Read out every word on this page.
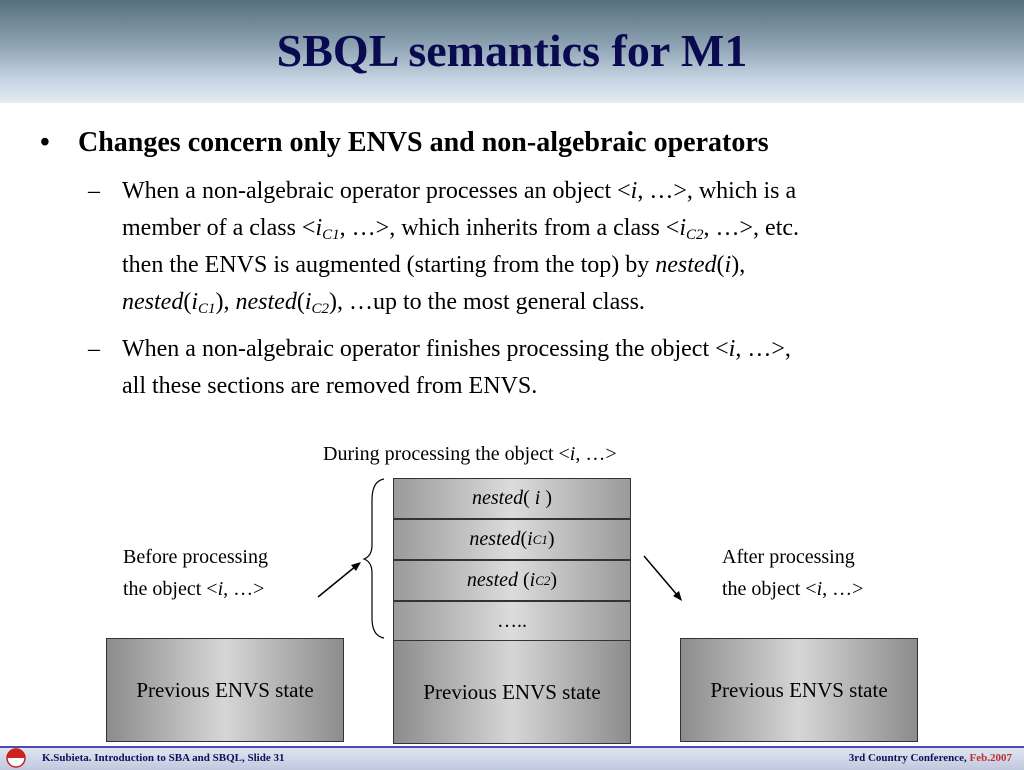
SBQL semantics for M1
• Changes concern only ENVS and non-algebraic operators
– When a non-algebraic operator processes an object <i, …>, which is a
member of a class $<i_{C1}$, …>, which inherits from a class $<i_{C2}$, …>, etc.
then the ENVS is augmented (starting from the top) by nested(i),
$nested(i_{C1})$, $nested(i_{C2})$, …up to the most general class.
– When a non-algebraic operator finishes processing the object <i, …>,
all these sections are removed from ENVS.
During processing the object <i, …>
Before processing
the object <i, …>
After processing
the object <i, …>
nested ( i )
nested ( i C1 )
nested ( i C2 )
…..
Previous ENVS state
Previous ENVS state	Previous ENVS state
K.Subieta. Introduction to SBA and SBQL, Slide 31	3rd Country Conference, Feb.2007
